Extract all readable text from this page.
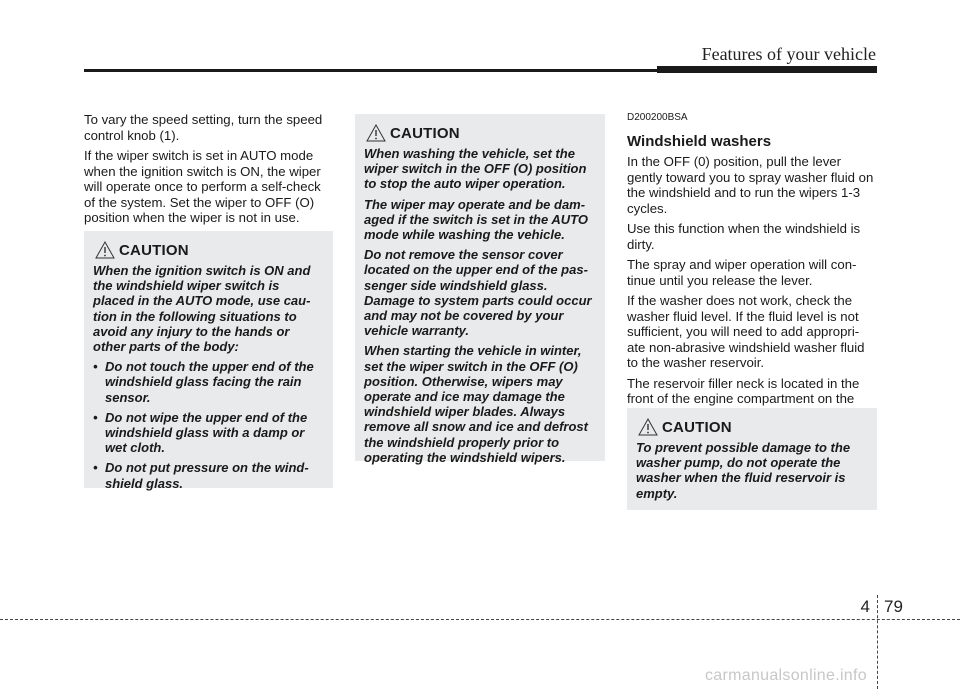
Features of your vehicle

To vary the speed setting, turn the speed control knob (1).

If the wiper switch is set in AUTO mode when the ignition switch is ON, the wiper will operate once to perform a self-check of the system. Set the wiper to OFF (O) position when the wiper is not in use.

CAUTION

When the ignition switch is ON and the windshield wiper switch is placed in the AUTO mode, use cau-tion in the following situations to avoid any injury to the hands or other parts of the body:

• Do not touch the upper end of the windshield glass facing the rain sensor.
• Do not wipe the upper end of the windshield glass with a damp or wet cloth.
• Do not put pressure on the wind-shield glass.
CAUTION

When washing the vehicle, set the wiper switch in the OFF (O) position to stop the auto wiper operation.

The wiper may operate and be dam-aged if the switch is set in the AUTO mode while washing the vehicle.

Do not remove the sensor cover located on the upper end of the pas-senger side windshield glass. Damage to system parts could occur and may not be covered by your vehicle warranty.

When starting the vehicle in winter, set the wiper switch in the OFF (O) position. Otherwise, wipers may operate and ice may damage the windshield wiper blades. Always remove all snow and ice and defrost the windshield properly prior to operating the windshield wipers.

D200200BSA

Windshield washers

In the OFF (0) position, pull the lever gently toward you to spray washer fluid on the windshield and to run the wipers 1-3 cycles.

Use this function when the windshield is dirty.

The spray and wiper operation will con-tinue until you release the lever.

If the washer does not work, check the washer fluid level. If the fluid level is not sufficient, you will need to add appropri-ate non-abrasive windshield washer fluid to the washer reservoir.

The reservoir filler neck is located in the front of the engine compartment on the

CAUTION

To prevent possible damage to the washer pump, do not operate the washer when the fluid reservoir is empty.

4 79
carmanualsonline.info
